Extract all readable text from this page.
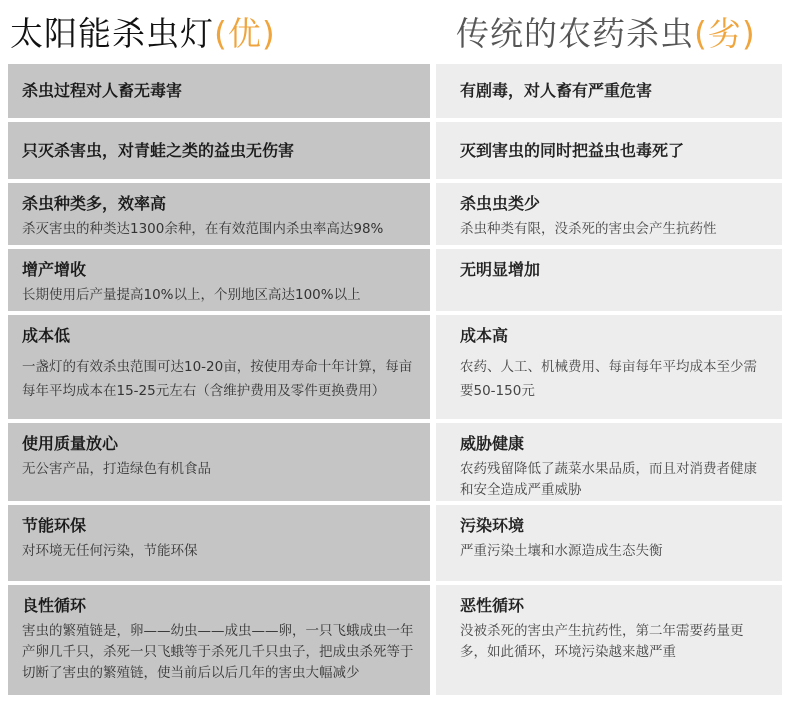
太阳能杀虫灯 (优)
杀虫过程对人畜无毒害
只灭杀害虫，对青蛙之类的益虫无伤害
杀虫种类多，效率高
杀灭害虫的种类达1300余种，在有效范围内杀虫率高达98%
增产增收
长期使用后产量提高10%以上，个别地区高达100%以上
成本低
一盏灯的有效杀虫范围可达10-20亩，按使用寿命十年计算，每亩每年平均成本在15-25元左右（含维护费用及零件更换费用）
使用质量放心
无公害产品，打造绿色有机食品
节能环保
对环境无任何污染，节能环保
良性循环
害虫的繁殖链是，卵——幼虫——成虫——卵，一只飞蛾成虫一年产卵几千只，杀死一只飞蛾等于杀死几千只虫子，把成虫杀死等于切断了害虫的繁殖链，使当前后以后几年的害虫大幅减少
传统的农药杀虫 (劣)
有剧毒，对人畜有严重危害
灭到害虫的同时把益虫也毒死了
杀虫虫类少
杀虫种类有限，没杀死的害虫会产生抗药性
无明显增加
成本高
农药、人工、机械费用、每亩每年平均成本至少需要50-150元
威胁健康
农药残留降低了蔬菜水果品质，而且对消费者健康和安全造成严重威胁
污染环境
严重污染土壤和水源造成生态失衡
恶性循环
没被杀死的害虫产生抗药性，第二年需要药量更多，如此循环，环境污染越来越严重
